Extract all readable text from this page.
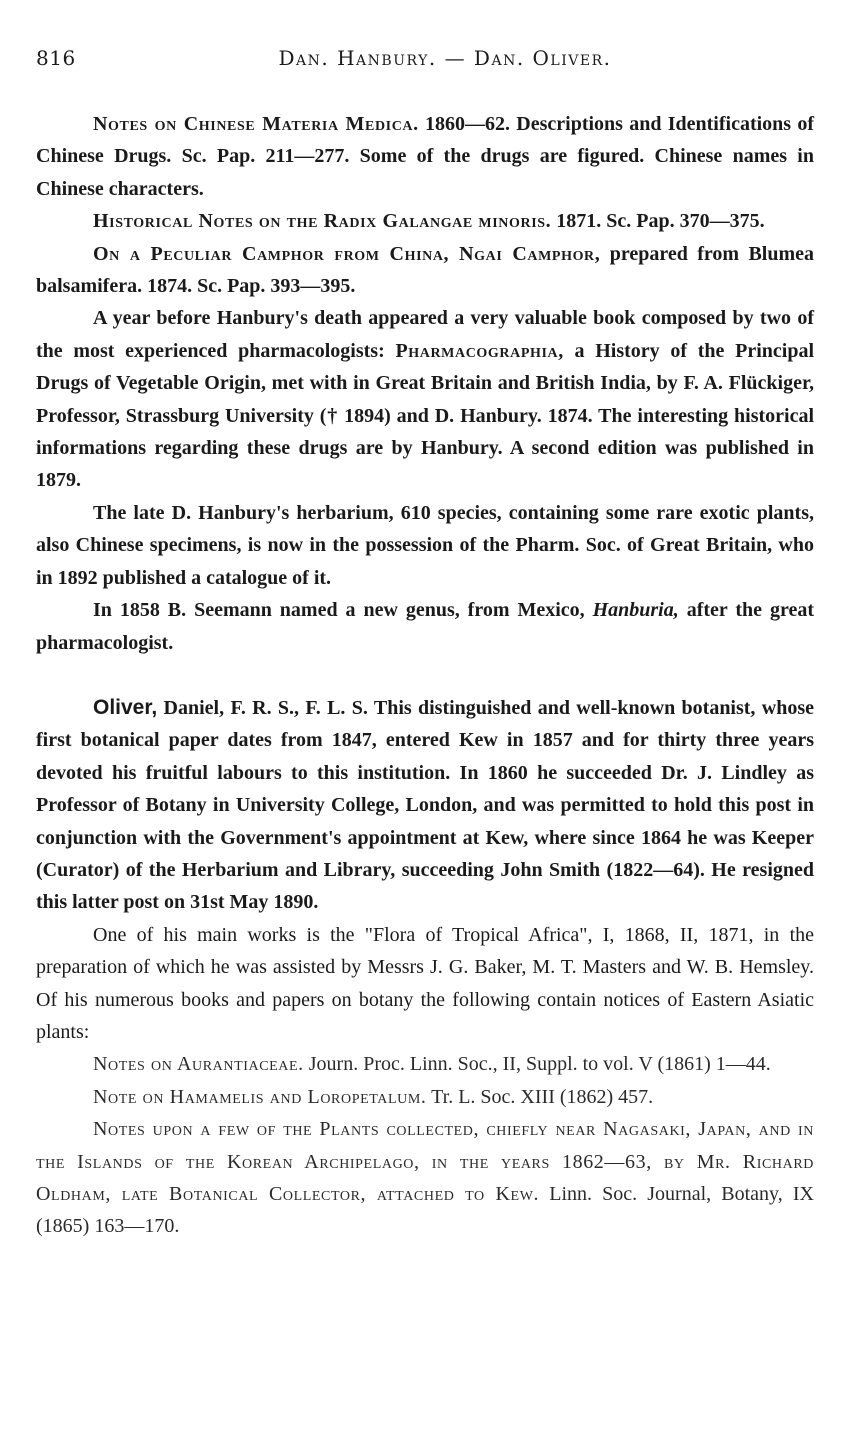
816	Dan. Hanbury. — Dan. Oliver.

Notes on Chinese Materia Medica. 1860—62. Descriptions and Identifications of Chinese Drugs. Sc. Pap. 211—277. Some of the drugs are figured. Chinese names in Chinese characters.

Historical Notes on the Radix Galangae minoris. 1871. Sc. Pap. 370—375.

On a Peculiar Camphor from China, Ngai Camphor, prepared from Blumea balsamifera. 1874. Sc. Pap. 393—395.

A year before Hanbury's death appeared a very valuable book composed by two of the most experienced pharmacologists: Pharmacographia, a History of the Principal Drugs of Vegetable Origin, met with in Great Britain and British India, by F. A. Flückiger, Professor, Strassburg University († 1894) and D. Hanbury. 1874. The interesting historical informations regarding these drugs are by Hanbury. A second edition was published in 1879.

The late D. Hanbury's herbarium, 610 species, containing some rare exotic plants, also Chinese specimens, is now in the possession of the Pharm. Soc. of Great Britain, who in 1892 published a catalogue of it.

In 1858 B. Seemann named a new genus, from Mexico, Hanburia, after the great pharmacologist.

Oliver, Daniel, F. R. S., F. L. S. This distinguished and well-known botanist, whose first botanical paper dates from 1847, entered Kew in 1857 and for thirty three years devoted his fruitful labours to this institution. In 1860 he succeeded Dr. J. Lindley as Professor of Botany in University College, London, and was permitted to hold this post in conjunction with the Government's appointment at Kew, where since 1864 he was Keeper (Curator) of the Herbarium and Library, succeeding John Smith (1822—64). He resigned this latter post on 31st May 1890.

One of his main works is the "Flora of Tropical Africa", I, 1868, II, 1871, in the preparation of which he was assisted by Messrs J. G. Baker, M. T. Masters and W. B. Hemsley. Of his numerous books and papers on botany the following contain notices of Eastern Asiatic plants:

Notes on Aurantiaceae. Journ. Proc. Linn. Soc., II, Suppl. to vol. V (1861) 1—44.

Note on Hamamelis and Loropetalum. Tr. L. Soc. XIII (1862) 457.

Notes upon a few of the Plants collected, chiefly near Nagasaki, Japan, and in the Islands of the Korean Archipelago, in the years 1862—63, by Mr. Richard Oldham, late Botanical Collector, attached to Kew. Linn. Soc. Journal, Botany, IX (1865) 163—170.
